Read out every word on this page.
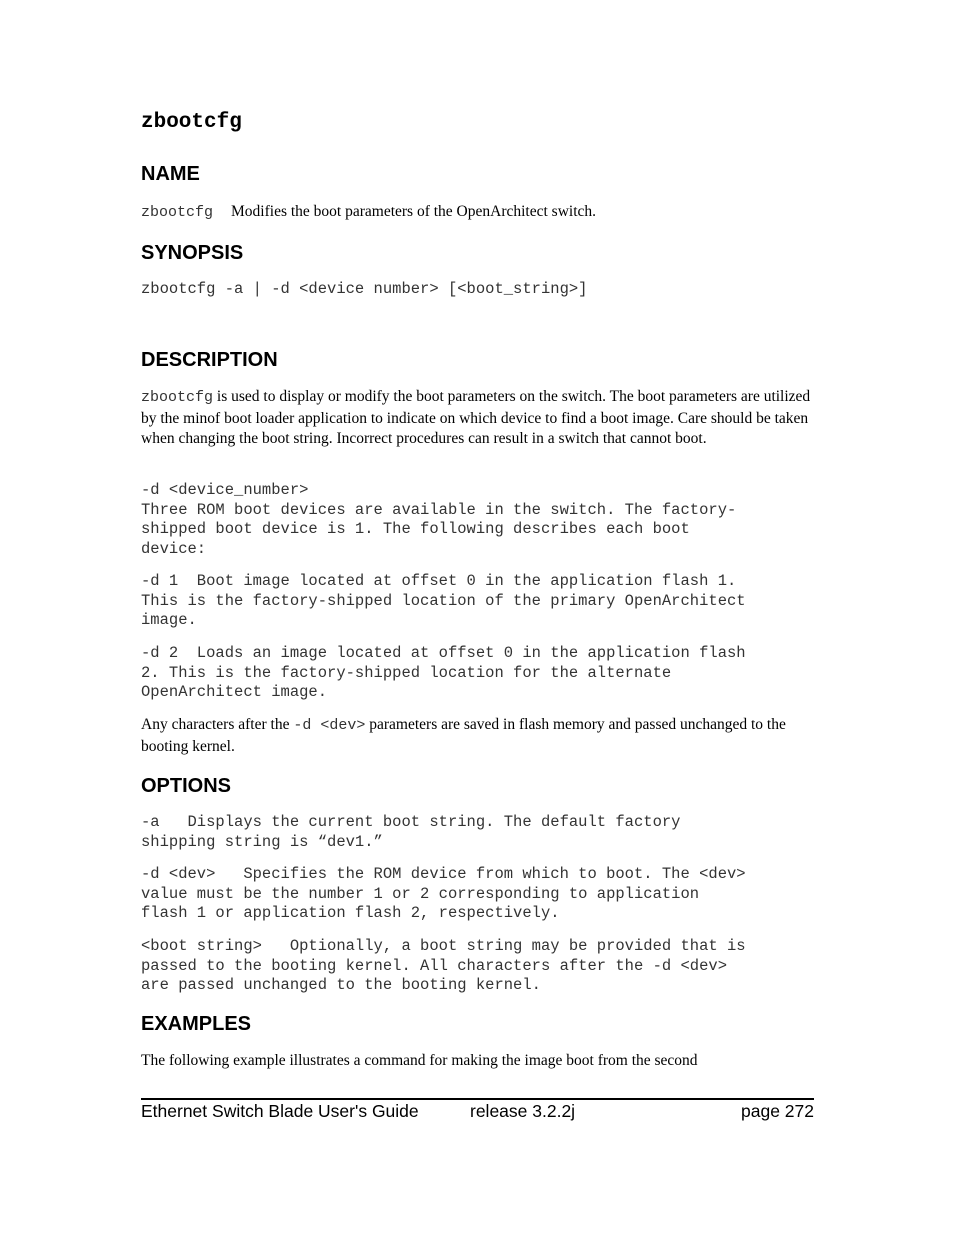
zbootcfg
NAME
zbootcfg Modifies the boot parameters of the OpenArchitect switch.
SYNOPSIS
zbootcfg -a | -d <device number> [<boot_string>]
DESCRIPTION
zbootcfg is used to display or modify the boot parameters on the switch. The boot parameters are utilized by the minof boot loader application to indicate on which device to find a boot image. Care should be taken when changing the boot string. Incorrect procedures can result in a switch that cannot boot.
-d <device_number>
Three ROM boot devices are available in the switch. The factory-
shipped boot device is 1. The following describes each boot
device:
-d 1  Boot image located at offset 0 in the application flash 1.
This is the factory-shipped location of the primary OpenArchitect
image.
-d 2  Loads an image located at offset 0 in the application flash
2. This is the factory-shipped location for the alternate
OpenArchitect image.
Any characters after the -d <dev> parameters are saved in flash memory and passed unchanged to the booting kernel.
OPTIONS
-a   Displays the current boot string. The default factory
shipping string is “dev1.”
-d <dev>   Specifies the ROM device from which to boot. The <dev>
value must be the number 1 or 2 corresponding to application
flash 1 or application flash 2, respectively.
<boot string>   Optionally, a boot string may be provided that is
passed to the booting kernel. All characters after the -d <dev>
are passed unchanged to the booting kernel.
EXAMPLES
The following example illustrates a command for making the image boot from the second
Ethernet Switch Blade User's Guide	release 3.2.2j	page 272
